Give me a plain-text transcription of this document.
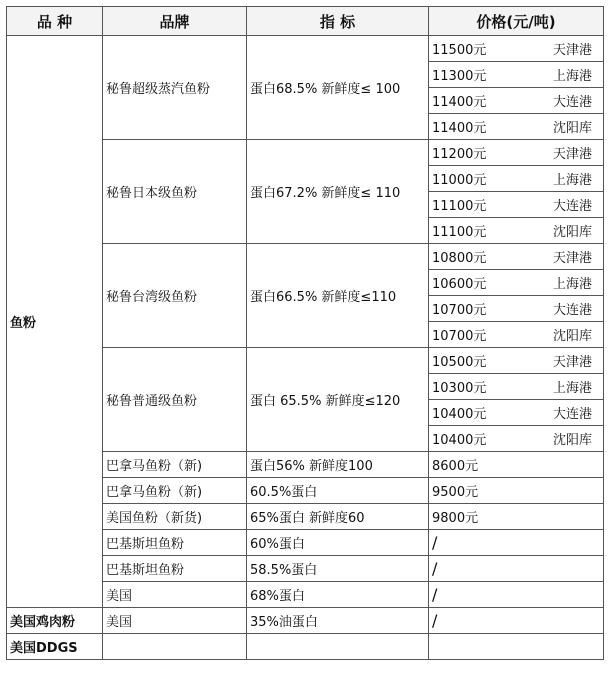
品 种	品牌	指 标	价格(元/吨)
鱼粉	秘鲁超级蒸汽鱼粉	蛋白68.5% 新鲜度≤ 100	11500元 天津港

			11300元 上海港

			11400元 大连港

			11400元 沈阳库

	秘鲁日本级鱼粉	蛋白67.2% 新鲜度≤ 110	11200元 天津港

			11000元 上海港

			11100元 大连港

			11100元 沈阳库

	秘鲁台湾级鱼粉	蛋白66.5% 新鲜度≤110	10800元 天津港

			10600元 上海港

			10700元 大连港

			10700元 沈阳库

	秘鲁普通级鱼粉	蛋白 65.5% 新鲜度≤120	10500元 天津港

			10300元 上海港

			10400元 大连港

			10400元 沈阳库

	巴拿马鱼粉（新)	蛋白56% 新鲜度100	8600元
	巴拿马鱼粉（新)	60.5%蛋白	9500元
	美国鱼粉（新货)	65%蛋白 新鲜度60	9800元
	巴基斯坦鱼粉	60%蛋白	/
	巴基斯坦鱼粉	58.5%蛋白	/
	美国	68%蛋白	/
美国鸡肉粉	美国	35%油蛋白	/
美国DDGS			
